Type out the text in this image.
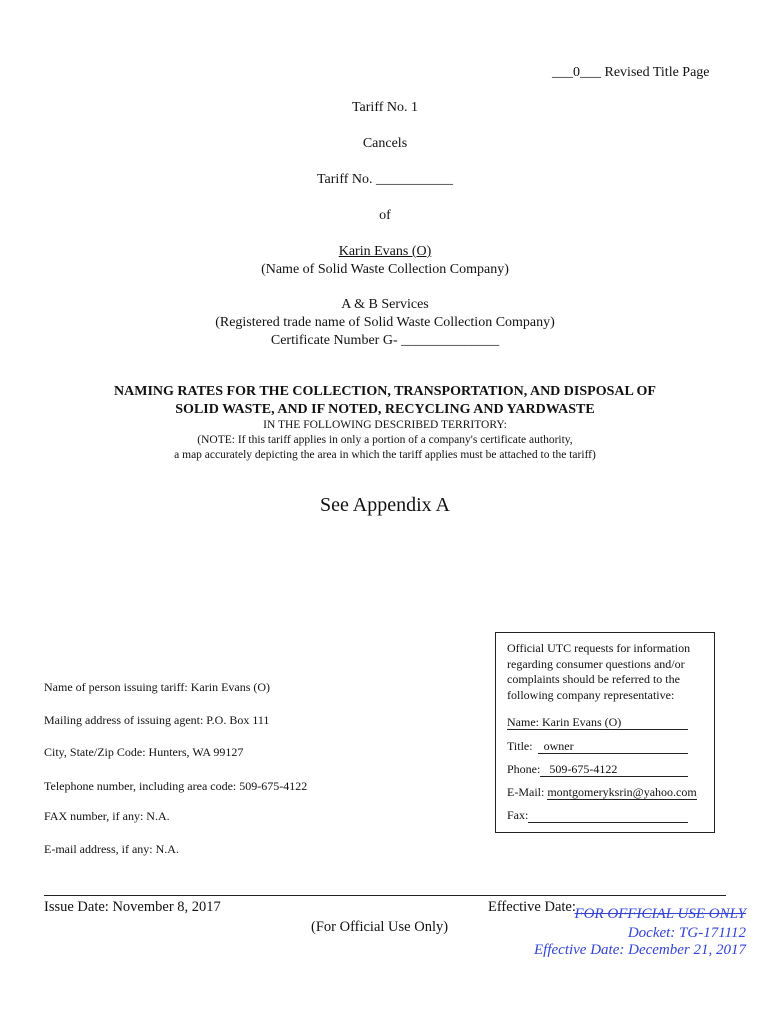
___0___ Revised Title Page
Tariff No. 1
Cancels
Tariff No. ___________
of
Karin Evans (O)
(Name of Solid Waste Collection Company)
A & B Services
(Registered trade name of Solid Waste Collection Company)
Certificate Number G- ______________
NAMING RATES FOR THE COLLECTION, TRANSPORTATION, AND DISPOSAL OF
SOLID WASTE, AND IF NOTED, RECYCLING AND YARDWASTE
IN THE FOLLOWING DESCRIBED TERRITORY:
(NOTE: If this tariff applies in only a portion of a company's certificate authority,
a map accurately depicting the area in which the tariff applies must be attached to the tariff)
See Appendix A
Name of person issuing tariff: Karin Evans (O)
Mailing address of issuing agent: P.O. Box 111
City, State/Zip Code: Hunters, WA 99127
Telephone number, including area code: 509-675-4122
FAX number, if any: N.A.
E-mail address, if any: N.A.
Official UTC requests for information regarding consumer questions and/or complaints should be referred to the following company representative:
Name: Karin Evans (O)
Title: owner
Phone: 509-675-4122
E-Mail: montgomeryksrin@yahoo.com
Fax:
Issue Date: November 8, 2017	Effective Date:
(For Official Use Only)
FOR OFFICIAL USE ONLY
Docket: TG-171112
Effective Date: December 21, 2017
